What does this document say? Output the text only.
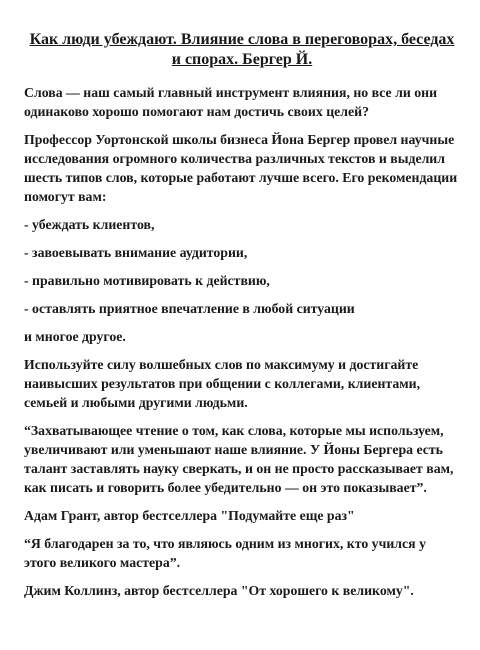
Как люди убеждают. Влияние слова в переговорах, беседах и спорах. Бергер Й.
Слова — наш самый главный инструмент влияния, но все ли они одинаково хорошо помогают нам достичь своих целей?
Профессор Уортонской школы бизнеса Йона Бергер провел научные исследования огромного количества различных текстов и выделил шесть типов слов, которые работают лучше всего. Его рекомендации помогут вам:
- убеждать клиентов,
- завоевывать внимание аудитории,
- правильно мотивировать к действию,
- оставлять приятное впечатление в любой ситуации
и многое другое.
Используйте силу волшебных слов по максимуму и достигайте наивысших результатов при общении с коллегами, клиентами, семьей и любыми другими людьми.
“Захватывающее чтение о том, как слова, которые мы используем, увеличивают или уменьшают наше влияние. У Йоны Бергера есть талант заставлять науку сверкать, и он не просто рассказывает вам, как писать и говорить более убедительно — он это показывает”.
Адам Грант, автор бестселлера "Подумайте еще раз"
“Я благодарен за то, что являюсь одним из многих, кто учился у этого великого мастера”.
Джим Коллинз, автор бестселлера "От хорошего к великому".
